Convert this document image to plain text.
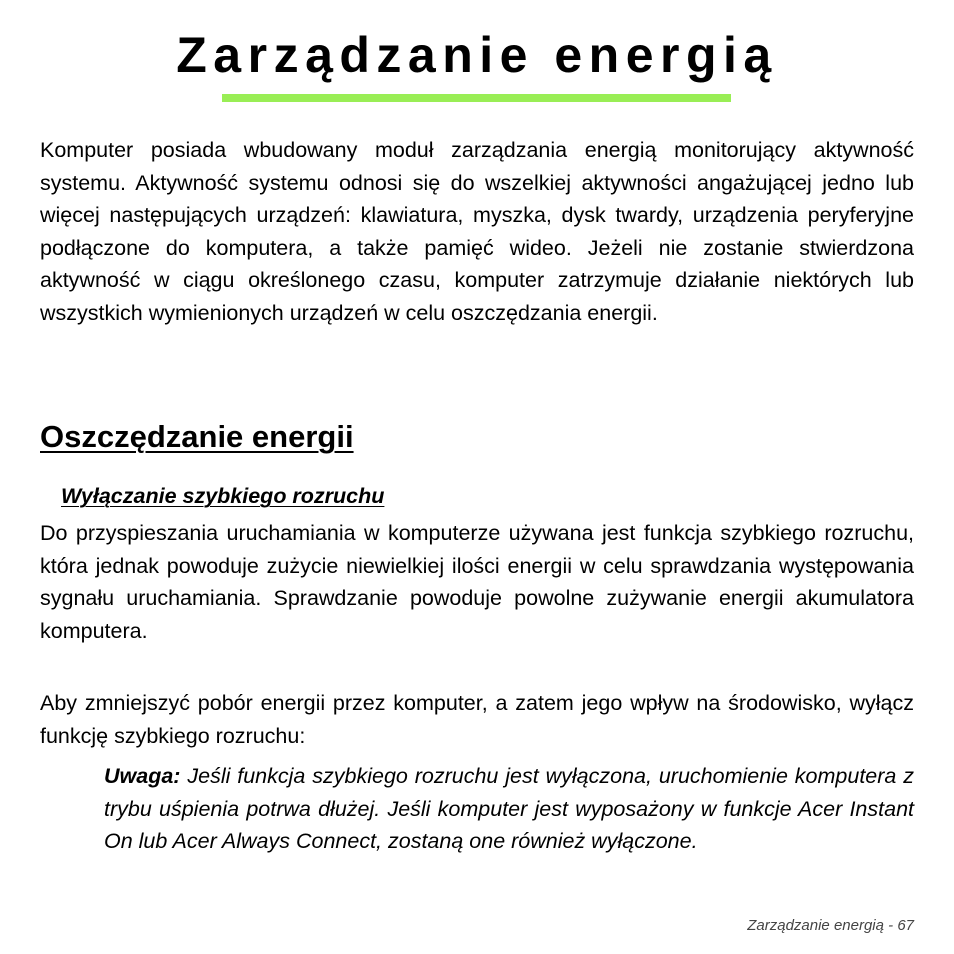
Zarządzanie energią

Komputer posiada wbudowany moduł zarządzania energią monitorujący aktywność systemu. Aktywność systemu odnosi się do wszelkiej aktywności angażującej jedno lub więcej następujących urządzeń: klawiatura, myszka, dysk twardy, urządzenia peryferyjne podłączone do komputera, a także pamięć wideo. Jeżeli nie zostanie stwierdzona aktywność w ciągu określonego czasu, komputer zatrzymuje działanie niektórych lub wszystkich wymienionych urządzeń w celu oszczędzania energii.

Oszczędzanie energii
Wyłączanie szybkiego rozruchu

Do przyspieszania uruchamiania w komputerze używana jest funkcja szybkiego rozruchu, która jednak powoduje zużycie niewielkiej ilości energii w celu sprawdzania występowania sygnału uruchamiania. Sprawdzanie powoduje powolne zużywanie energii akumulatora komputera.

Aby zmniejszyć pobór energii przez komputer, a zatem jego wpływ na środowisko, wyłącz funkcję szybkiego rozruchu:

Uwaga: Jeśli funkcja szybkiego rozruchu jest wyłączona, uruchomienie komputera z trybu uśpienia potrwa dłużej. Jeśli komputer jest wyposażony w funkcje Acer Instant On lub Acer Always Connect, zostaną one również wyłączone.

Zarządzanie energią - 67
